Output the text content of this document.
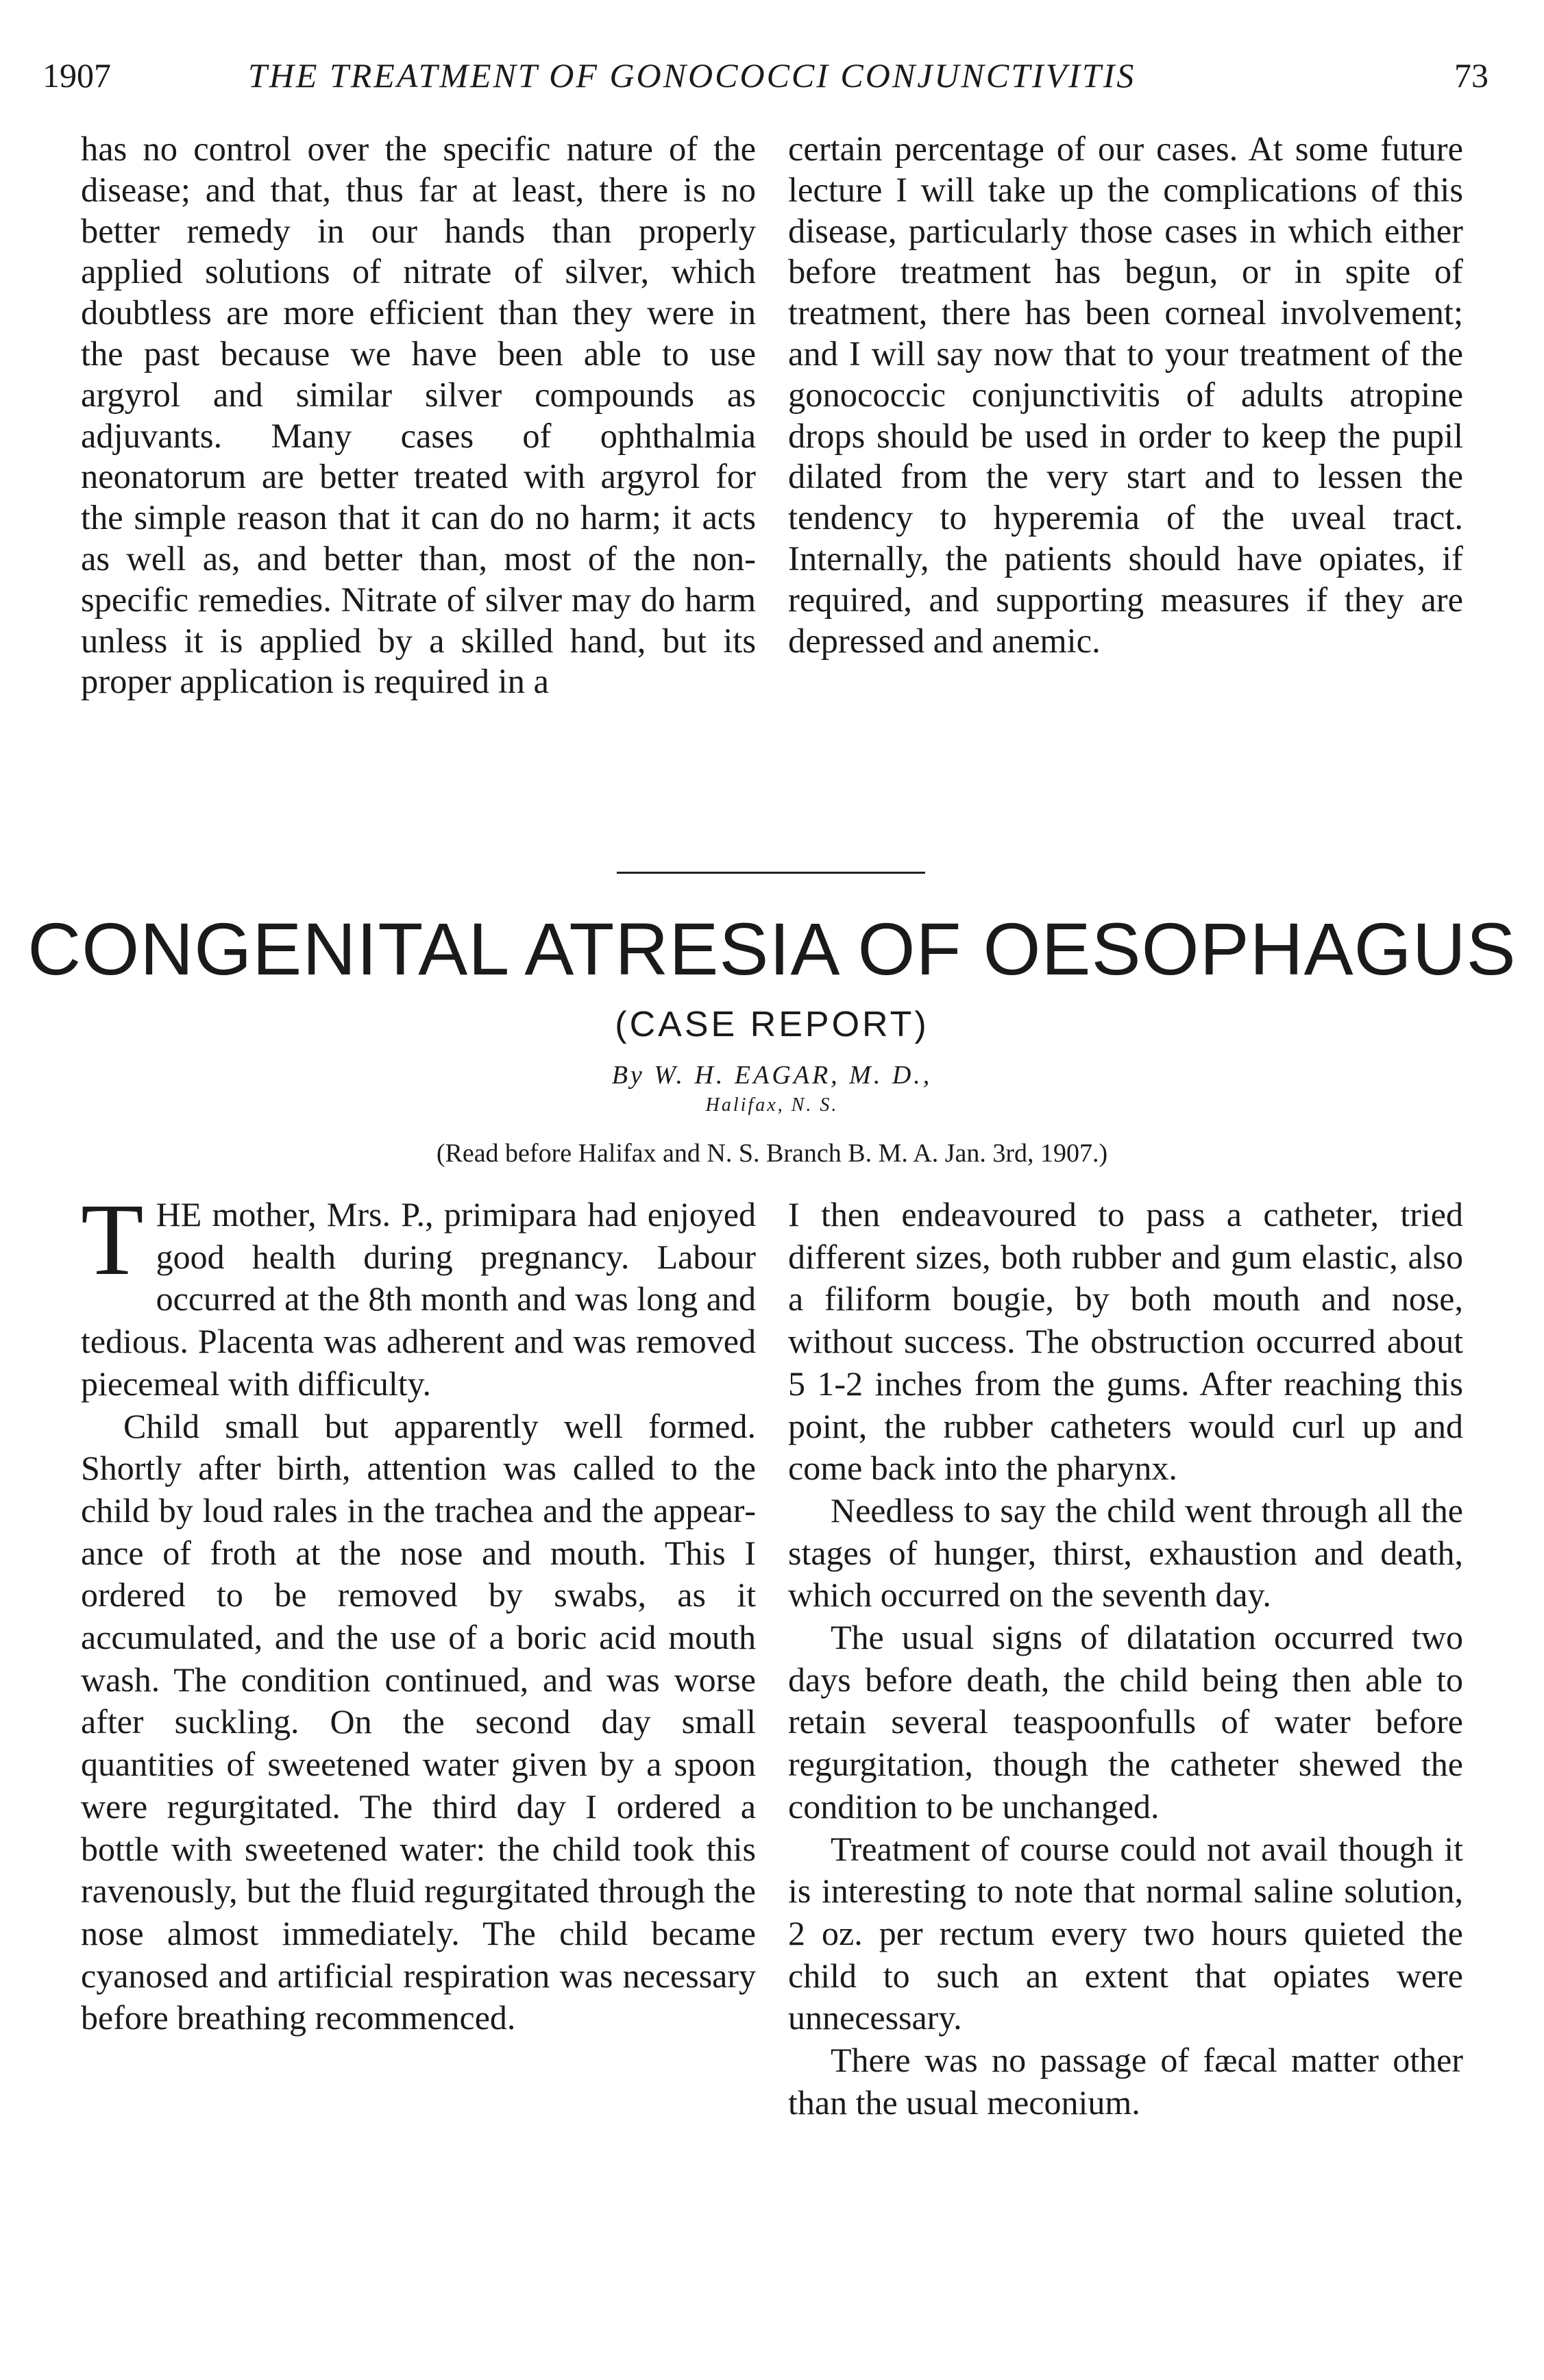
1907	THE TREATMENT OF GONOCOCCI CONJUNCTIVITIS	73

has no control over the specific nature of the disease; and that, thus far at least, there is no better remedy in our hands than properly applied solutions of nitrate of silver, which doubtless are more efficient than they were in the past because we have been able to use argyrol and similar silver compounds as adjuvants. Many cases of ophthalmia neonatorum are better treated with argyrol for the simple reason that it can do no harm; it acts as well as, and better than, most of the non-specific remedies. Nitrate of silver may do harm unless it is applied by a skilled hand, but its proper application is required in a

certain percentage of our cases. At some future lecture I will take up the complications of this disease, particularly those cases in which either before treatment has begun, or in spite of treatment, there has been corneal involvement; and I will say now that to your treatment of the gonococcic conjunctivitis of adults atropine drops should be used in order to keep the pupil dilated from the very start and to lessen the tendency to hyperemia of the uveal tract. Internally, the patients should have opiates, if required, and supporting measures if they are depressed and anemic.

CONGENITAL ATRESIA OF OESOPHAGUS
(CASE REPORT)
By W. H. EAGAR, M. D.,
Halifax, N. S.
(Read before Halifax and N. S. Branch B. M. A. Jan. 3rd, 1907.)

THE mother, Mrs. P., primipara had enjoyed good health during pregnancy. Labour occurred at the 8th month and was long and tedious. Placenta was adherent and was removed piecemeal with difficulty.

Child small but apparently well formed. Shortly after birth, attention was called to the child by loud rales in the trachea and the appearance of froth at the nose and mouth. This I ordered to be removed by swabs, as it accumulated, and the use of a boric acid mouth wash. The condition continued, and was worse after suckling. On the second day small quantities of sweetened water given by a spoon were regurgitated. The third day I ordered a bottle with sweetened water: the child took this ravenously, but the fluid regurgitated through the nose almost immediately. The child became cyanosed and artificial respiration was necessary before breathing recommenced.

I then endeavoured to pass a catheter, tried different sizes, both rubber and gum elastic, also a filiform bougie, by both mouth and nose, without success. The obstruction occurred about 5 1-2 inches from the gums. After reaching this point, the rubber catheters would curl up and come back into the pharynx.

Needless to say the child went through all the stages of hunger, thirst, exhaustion and death, which occurred on the seventh day.

The usual signs of dilatation occurred two days before death, the child being then able to retain several teaspoonfulls of water before regurgitation, though the catheter shewed the condition to be unchanged.

Treatment of course could not avail though it is interesting to note that normal saline solution, 2 oz. per rectum every two hours quieted the child to such an extent that opiates were unnecessary.

There was no passage of fæcal matter other than the usual meconium.
